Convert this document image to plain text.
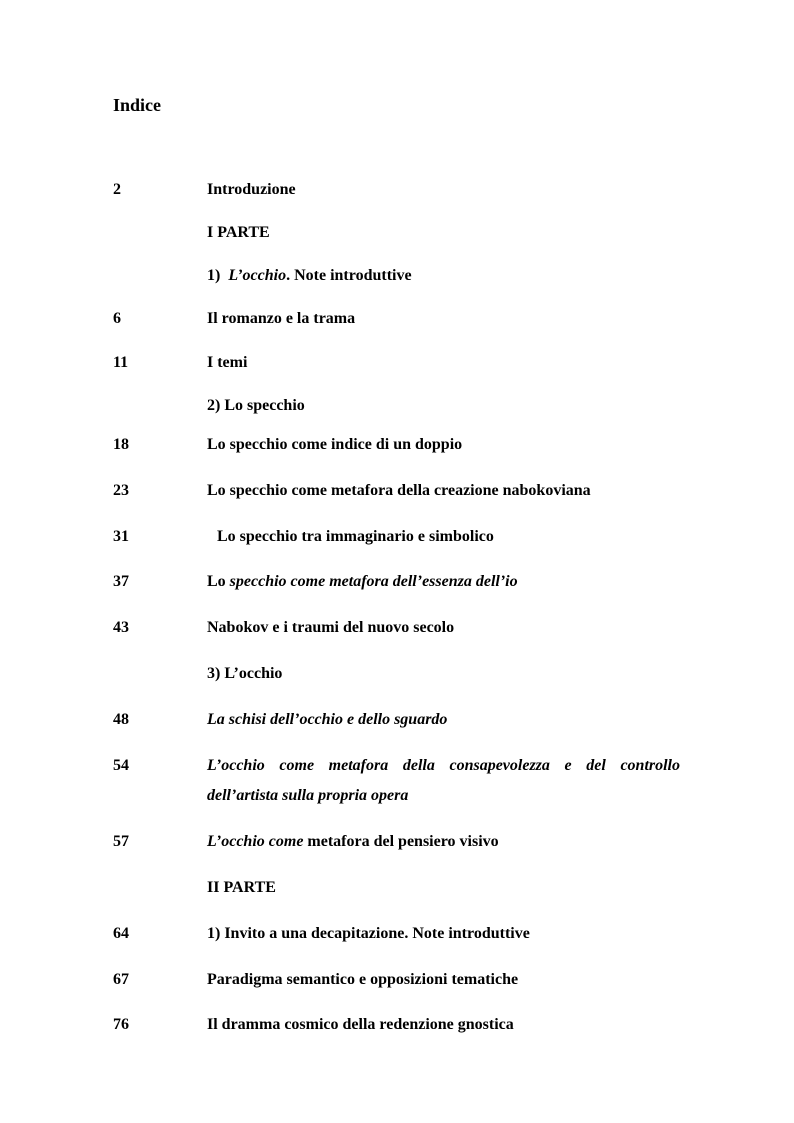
Indice
2	Introduzione
I PARTE
1)  L’occhio. Note introduttive
6	Il romanzo e la trama
11	I temi
2) Lo specchio
18	Lo specchio come indice di un doppio
23	Lo specchio come metafora della creazione nabokoviana
31	Lo specchio tra immaginario e simbolico
37	Lo specchio come metafora dell’essenza dell’io
43	Nabokov e i traumi del nuovo secolo
3) L’occhio
48	La schisi dell’occhio e dello sguardo
54	L’occhio come metafora della consapevolezza e del controllo dell’artista sulla propria opera
57	L’occhio come metafora del pensiero visivo
II PARTE
64	1) Invito a una decapitazione. Note introduttive
67	Paradigma semantico e opposizioni tematiche
76	Il dramma cosmico della redenzione gnostica
